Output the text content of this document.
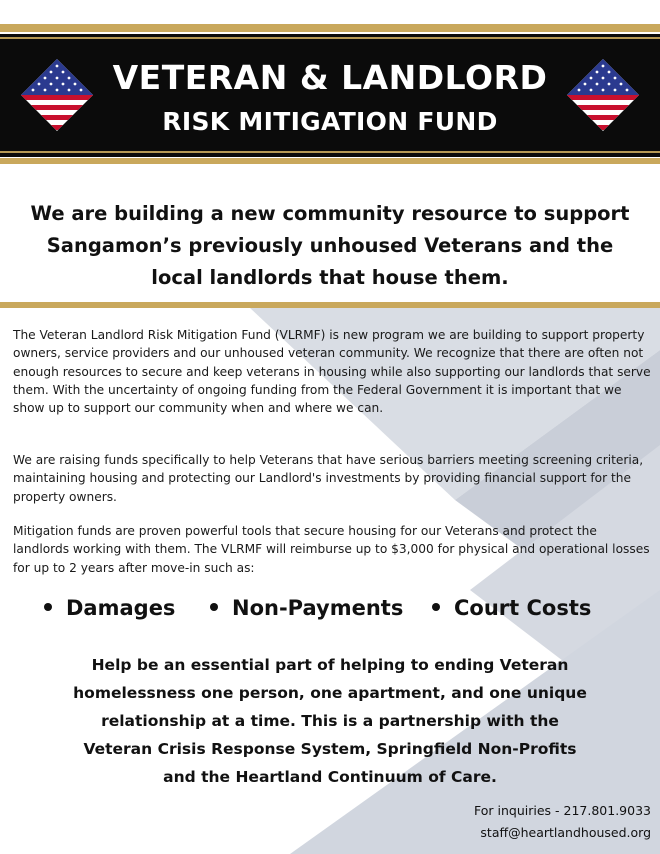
VETERAN & LANDLORD
RISK MITIGATION FUND
We are building a new community resource to support
Sangamon’s previously unhoused Veterans and the
local landlords that house them.

The Veteran Landlord Risk Mitigation Fund (VLRMF) is new program we are building to support property owners, service providers and our unhoused veteran community. We recognize that there are often not enough resources to secure and keep veterans in housing while also supporting our landlords that serve them. With the uncertainty of ongoing funding from the Federal Government it is important that we show up to support our community when and where we can.

We are raising funds specifically to help Veterans that have serious barriers meeting screening criteria, maintaining housing and protecting our Landlord's investments by providing financial support for the property owners.

Mitigation funds are proven powerful tools that secure housing for our Veterans and protect the landlords working with them. The VLRMF will reimburse up to $3,000 for physical and operational losses for up to 2 years after move-in such as:

Damages	Non-Payments	Court Costs

Help be an essential part of helping to ending Veteran
homelessness one person, one apartment, and one unique
relationship at a time. This is a partnership with the
Veteran Crisis Response System, Springfield Non-Profits
and the Heartland Continuum of Care.

For inquiries - 217.801.9033
staff@heartlandhoused.org
